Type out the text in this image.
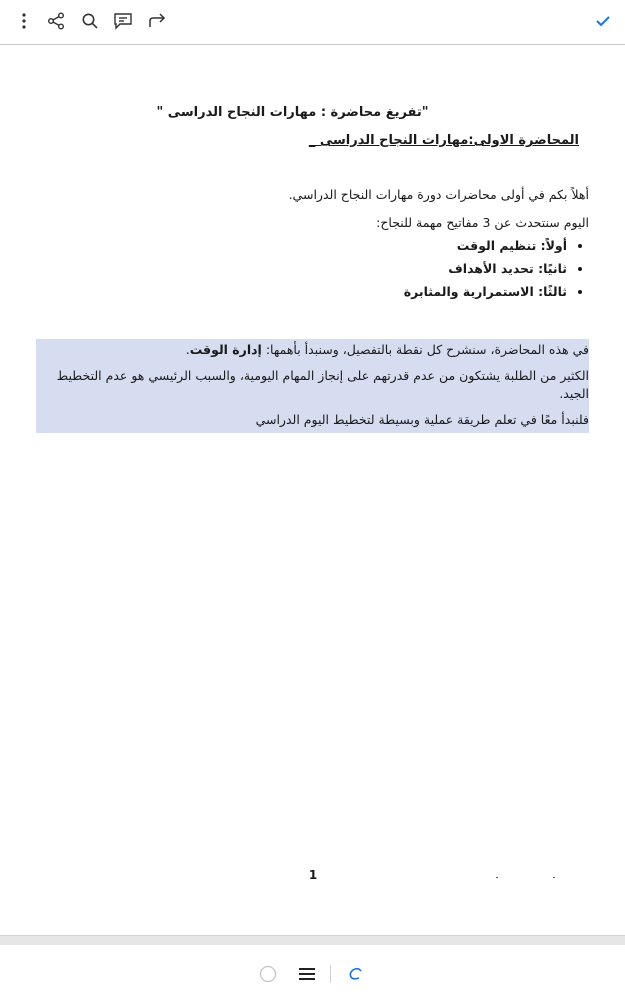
"تفريغ محاضرة : مهارات النجاح الدراسى "

المحاضرة الاولى:مهارات النجاح الدراسى _

أهلاً بكم في أولى محاضرات دورة مهارات النجاح الدراسي.

اليوم سنتحدث عن 3 مفاتيح مهمة للنجاح:

• أولاً: تنظيم الوقت
• ثانيًا: تحديد الأهداف
• ثالثًا: الاستمرارية والمثابرة

في هذه المحاضرة، سنشرح كل نقطة بالتفصيل، وسنبدأ بأهمها: إدارة الوقت.

الكثير من الطلبة يشتكون من عدم قدرتهم على إنجاز المهام اليومية، والسبب الرئيسي هو عدم التخطيط الجيد.

فلنبدأ معًا في تعلم طريقة عملية وبسيطة لتخطيط اليوم الدراسي

1
